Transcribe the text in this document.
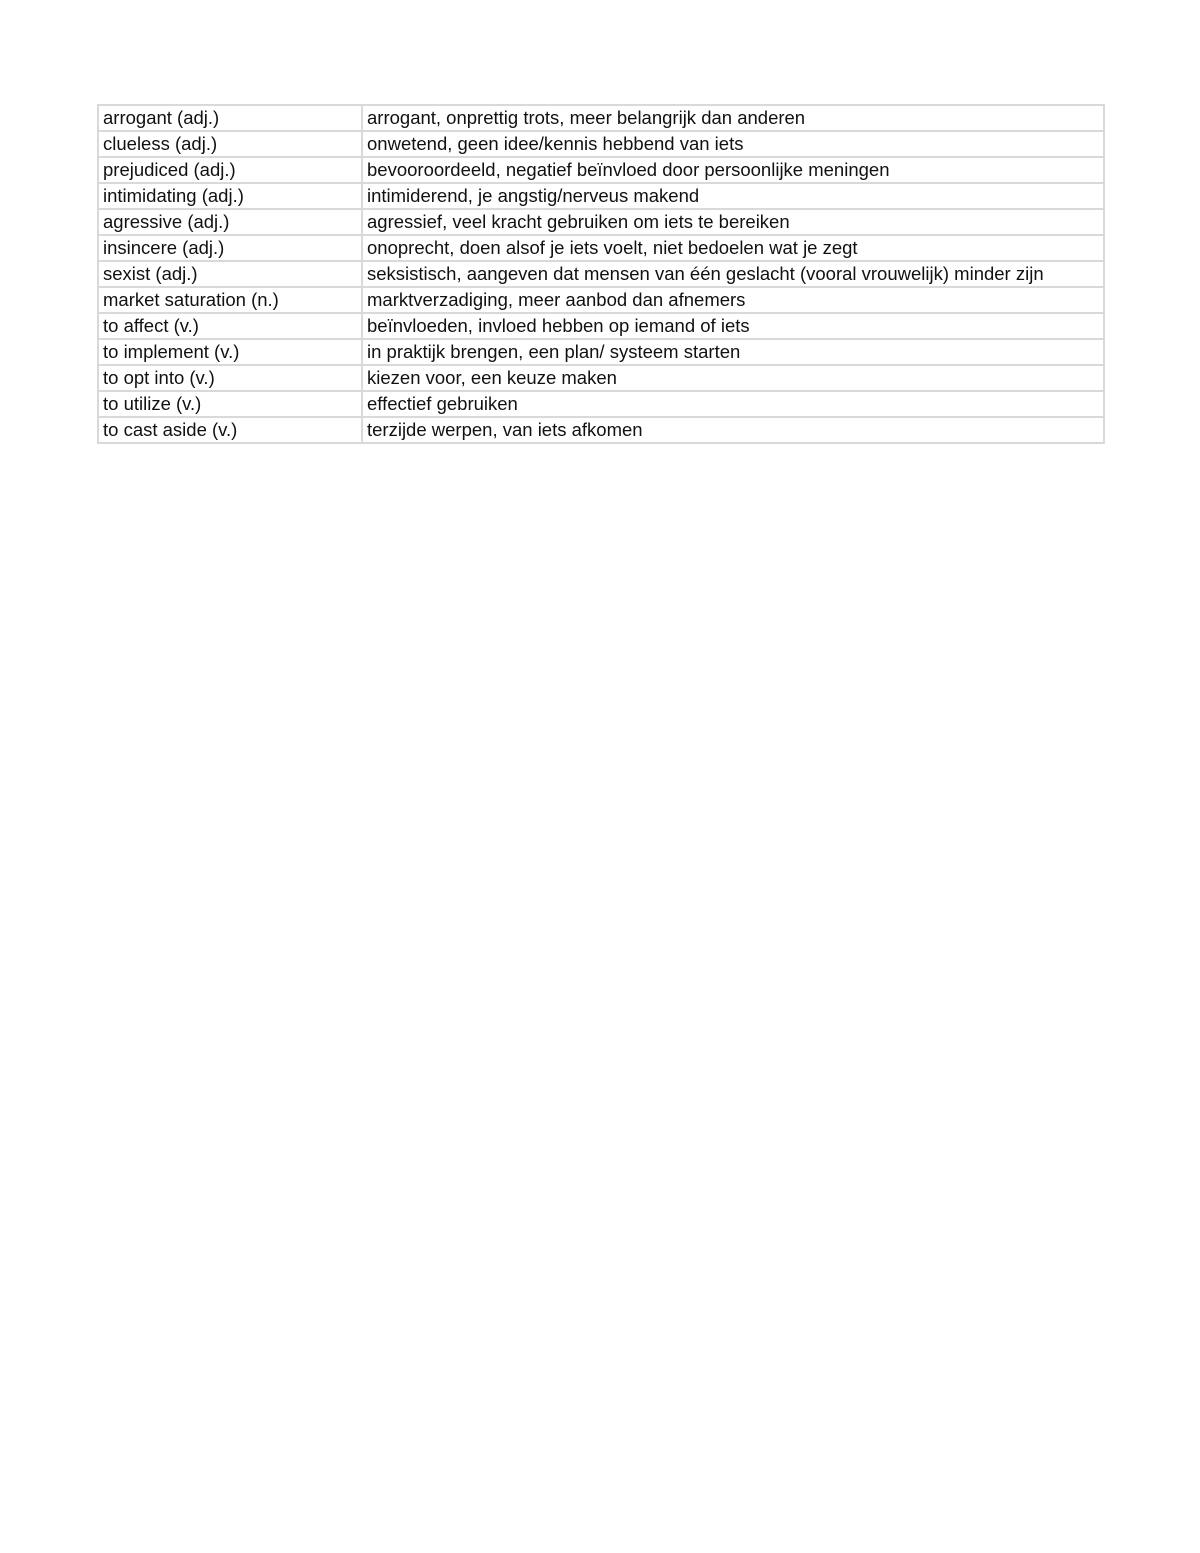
arrogant (adj.)	arrogant, onprettig trots, meer belangrijk dan anderen
clueless (adj.)	onwetend, geen idee/kennis hebbend van iets
prejudiced (adj.)	bevooroordeeld, negatief beïnvloed door persoonlijke meningen
intimidating (adj.)	intimiderend, je angstig/nerveus makend
agressive (adj.)	agressief, veel kracht gebruiken om iets te bereiken
insincere (adj.)	onoprecht, doen alsof je iets voelt, niet bedoelen wat je zegt
sexist (adj.)	seksistisch, aangeven dat mensen van één geslacht (vooral vrouwelijk) minder zijn
market saturation (n.)	marktverzadiging, meer aanbod dan afnemers
to affect (v.)	beïnvloeden, invloed hebben op iemand of iets
to implement (v.)	in praktijk brengen, een plan/ systeem starten
to opt into (v.)	kiezen voor, een keuze maken
to utilize (v.)	effectief gebruiken
to cast aside (v.)	terzijde werpen, van iets afkomen
